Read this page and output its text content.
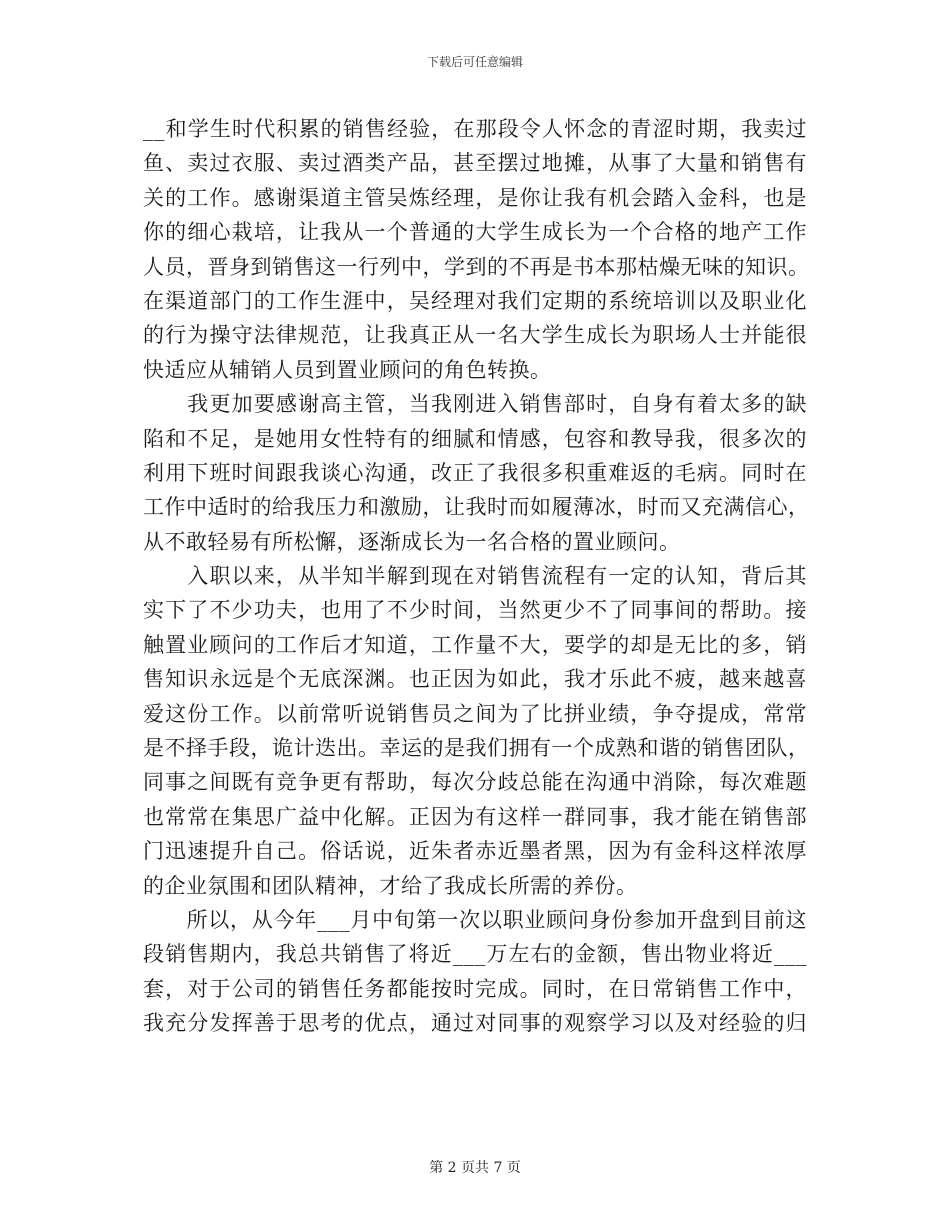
下载后可任意编辑
__和学生时代积累的销售经验，在那段令人怀念的青涩时期，我卖过
鱼、卖过衣服、卖过酒类产品，甚至摆过地摊，从事了大量和销售有
关的工作。感谢渠道主管吴炼经理，是你让我有机会踏入金科，也是
你的细心栽培，让我从一个普通的大学生成长为一个合格的地产工作
人员，晋身到销售这一行列中，学到的不再是书本那枯燥无味的知识。
在渠道部门的工作生涯中，吴经理对我们定期的系统培训以及职业化
的行为操守法律规范，让我真正从一名大学生成长为职场人士并能很
快适应从辅销人员到置业顾问的角色转换。
　　我更加要感谢高主管，当我刚进入销售部时，自身有着太多的缺
陷和不足，是她用女性特有的细腻和情感，包容和教导我，很多次的
利用下班时间跟我谈心沟通，改正了我很多积重难返的毛病。同时在
工作中适时的给我压力和激励，让我时而如履薄冰，时而又充满信心，
从不敢轻易有所松懈，逐渐成长为一名合格的置业顾问。
　　入职以来，从半知半解到现在对销售流程有一定的认知，背后其
实下了不少功夫，也用了不少时间，当然更少不了同事间的帮助。接
触置业顾问的工作后才知道，工作量不大，要学的却是无比的多，销
售知识永远是个无底深渊。也正因为如此，我才乐此不疲，越来越喜
爱这份工作。以前常听说销售员之间为了比拼业绩，争夺提成，常常
是不择手段，诡计迭出。幸运的是我们拥有一个成熟和谐的销售团队，
同事之间既有竞争更有帮助，每次分歧总能在沟通中消除，每次难题
也常常在集思广益中化解。正因为有这样一群同事，我才能在销售部
门迅速提升自己。俗话说，近朱者赤近墨者黑，因为有金科这样浓厚
的企业氛围和团队精神，才给了我成长所需的养份。
　　所以，从今年___月中旬第一次以职业顾问身份参加开盘到目前这
段销售期内，我总共销售了将近___万左右的金额，售出物业将近___
套，对于公司的销售任务都能按时完成。同时，在日常销售工作中，
我充分发挥善于思考的优点，通过对同事的观察学习以及对经验的归
第 2 页共 7 页
